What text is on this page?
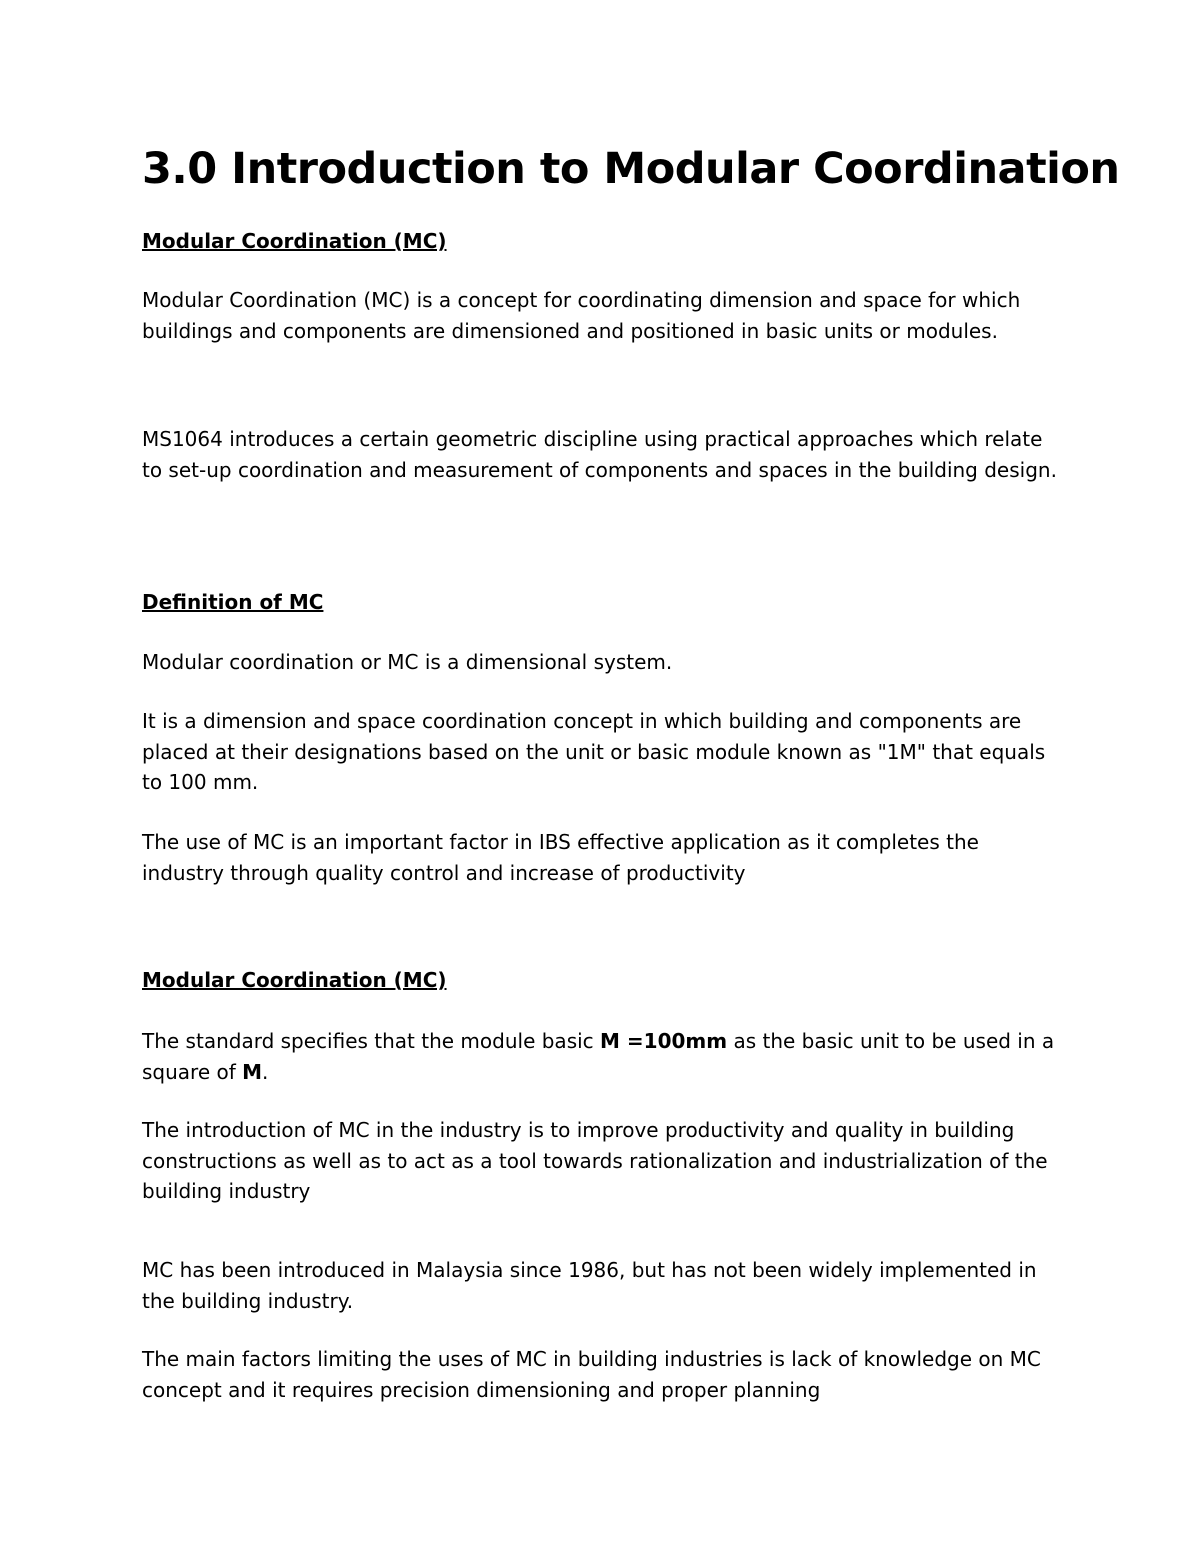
3.0 Introduction to Modular Coordination
Modular Coordination (MC)

Modular Coordination (MC) is a concept for coordinating dimension and space for which buildings and components are dimensioned and positioned in basic units or modules.

MS1064 introduces a certain geometric discipline using practical approaches which relate to set-up coordination and measurement of components and spaces in the building design.

Definition of MC

Modular coordination or MC is a dimensional system.

It is a dimension and space coordination concept in which building and components are placed at their designations based on the unit or basic module known as "1M" that equals to 100 mm.

The use of MC is an important factor in IBS effective application as it completes the industry through quality control and increase of productivity

Modular Coordination (MC)

The standard specifies that the module basic M =100mm as the basic unit to be used in a square of M.

The introduction of MC in the industry is to improve productivity and quality in building constructions as well as to act as a tool towards rationalization and industrialization of the building industry

MC has been introduced in Malaysia since 1986, but has not been widely implemented in the building industry.

The main factors limiting the uses of MC in building industries is lack of knowledge on MC concept and it requires precision dimensioning and proper planning
